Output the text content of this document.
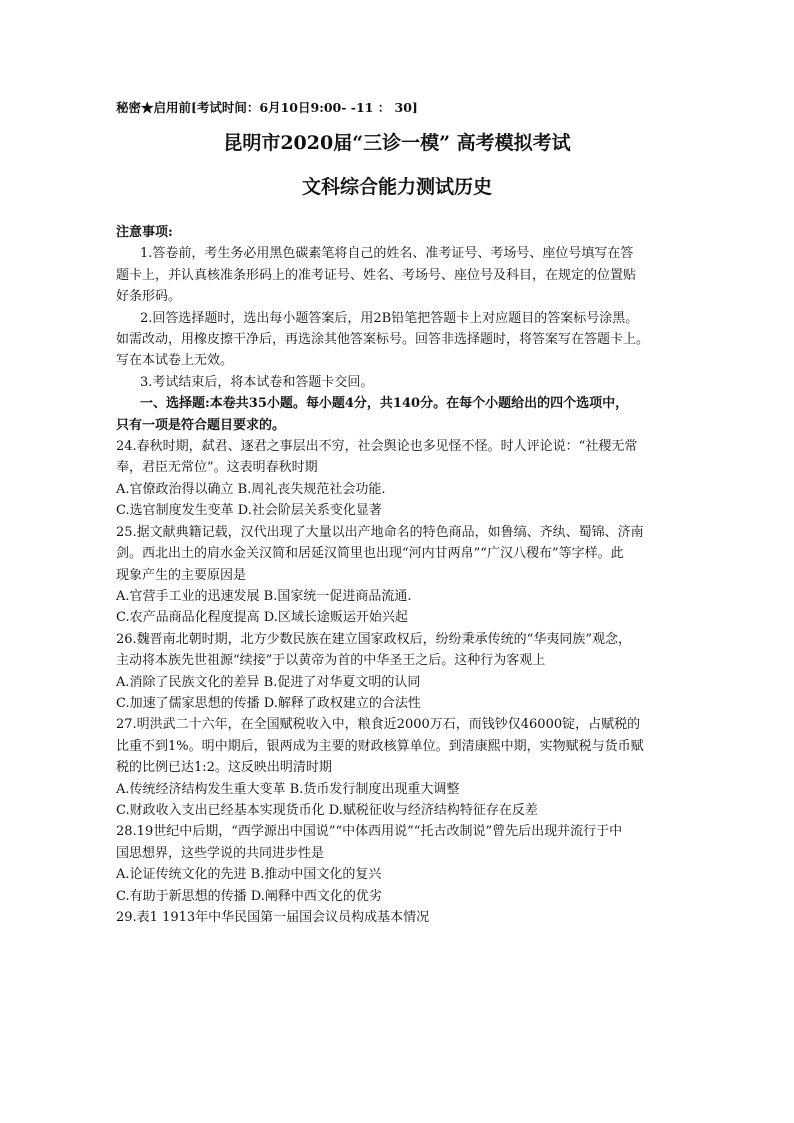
秘密★启用前[考试时间：6月10日9:00- -11 ： 30]
昆明市2020届“三诊一模” 高考模拟考试
文科综合能力测试历史

注意事项:

1.答卷前，考生务必用黑色碳素笔将自己的姓名、准考证号、考场号、座位号填写在答

题卡上，并认真核准条形码上的准考证号、姓名、考场号、座位号及科目，在规定的位置贴

好条形码。

2.回答选择题时，选出每小题答案后，用2B铅笔把答题卡上对应题目的答案标号涂黑。

如需改动，用橡皮擦干净后，再选涂其他答案标号。回答非选择题时，将答案写在答题卡上。

写在本试卷上无效。

3.考试结束后，将本试卷和答题卡交回。

一、选择题:本卷共35小题。每小题4分，共140分。在每个小题给出的四个选项中，

只有一项是符合题目要求的。

24.春秋时期，弑君、逐君之事层出不穷，社会舆论也多见怪不怪。时人评论说：“社稷无常

奉，君臣无常位”。这表明春秋时期

A.官僚政治得以确立 B.周礼丧失规范社会功能.

C.选官制度发生变革 D.社会阶层关系变化显著

25.据文献典籍记载，汉代出现了大量以出产地命名的特色商品，如鲁缟、齐纨、蜀锦、济南

剑。西北出土的肩水金关汉简和居延汉简里也出现“河内甘两帛”“广汉八稷布”等字样。此

现象产生的主要原因是

A.官营手工业的迅速发展 B.国家统一促进商品流通.

C.农产品商品化程度提高 D.区域长途贩运开始兴起

26.魏晋南北朝时期，北方少数民族在建立国家政权后，纷纷秉承传统的“华夷同族”观念，

主动将本族先世祖源“续接”于以黄帝为首的中华圣王之后。这种行为客观上

A.消除了民族文化的差异 B.促进了对华夏文明的认同

C.加速了儒家思想的传播 D.解释了政权建立的合法性

27.明洪武二十六年，在全国赋税收入中，粮食近2000万石，而钱钞仅46000锭，占赋税的

比重不到1%。明中期后，银两成为主要的财政核算单位。到清康熙中期，实物赋税与货币赋

税的比例已达1:2。这反映出明清时期

A.传统经济结构发生重大变革 B.货币发行制度出现重大调整

C.财政收入支出已经基本实现货币化 D.赋税征收与经济结构特征存在反差

28.19世纪中后期，“西学源出中国说”“中体西用说”“托古改制说”曾先后出现并流行于中

国思想界，这些学说的共同进步性是

A.论证传统文化的先进 B.推动中国文化的复兴

C.有助于新思想的传播 D.阐释中西文化的优劣

29.表1 1913年中华民国第一届国会议员构成基本情况
